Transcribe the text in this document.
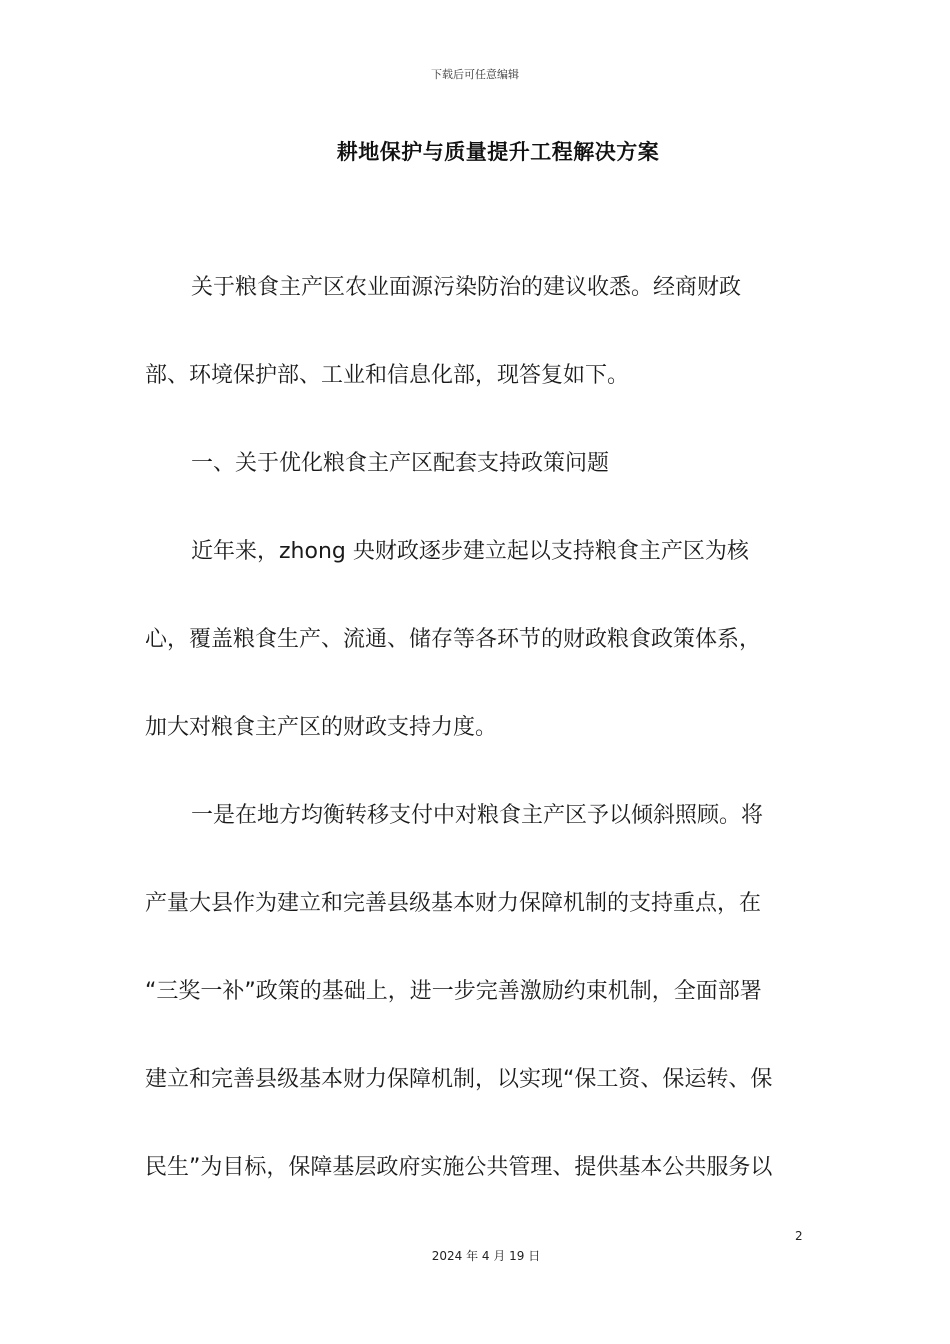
下载后可任意编辑
耕地保护与质量提升工程解决方案
关于粮食主产区农业面源污染防治的建议收悉。经商财政
部、环境保护部、工业和信息化部，现答复如下。
一、关于优化粮食主产区配套支持政策问题
近年来，zhong 央财政逐步建立起以支持粮食主产区为核
心，覆盖粮食生产、流通、储存等各环节的财政粮食政策体系，
加大对粮食主产区的财政支持力度。
一是在地方均衡转移支付中对粮食主产区予以倾斜照顾。将
产量大县作为建立和完善县级基本财力保障机制的支持重点，在
“三奖一补”政策的基础上，进一步完善激励约束机制，全面部署
建立和完善县级基本财力保障机制，以实现“保工资、保运转、保
民生”为目标，保障基层政府实施公共管理、提供基本公共服务以
2
2024 年 4 月 19 日
